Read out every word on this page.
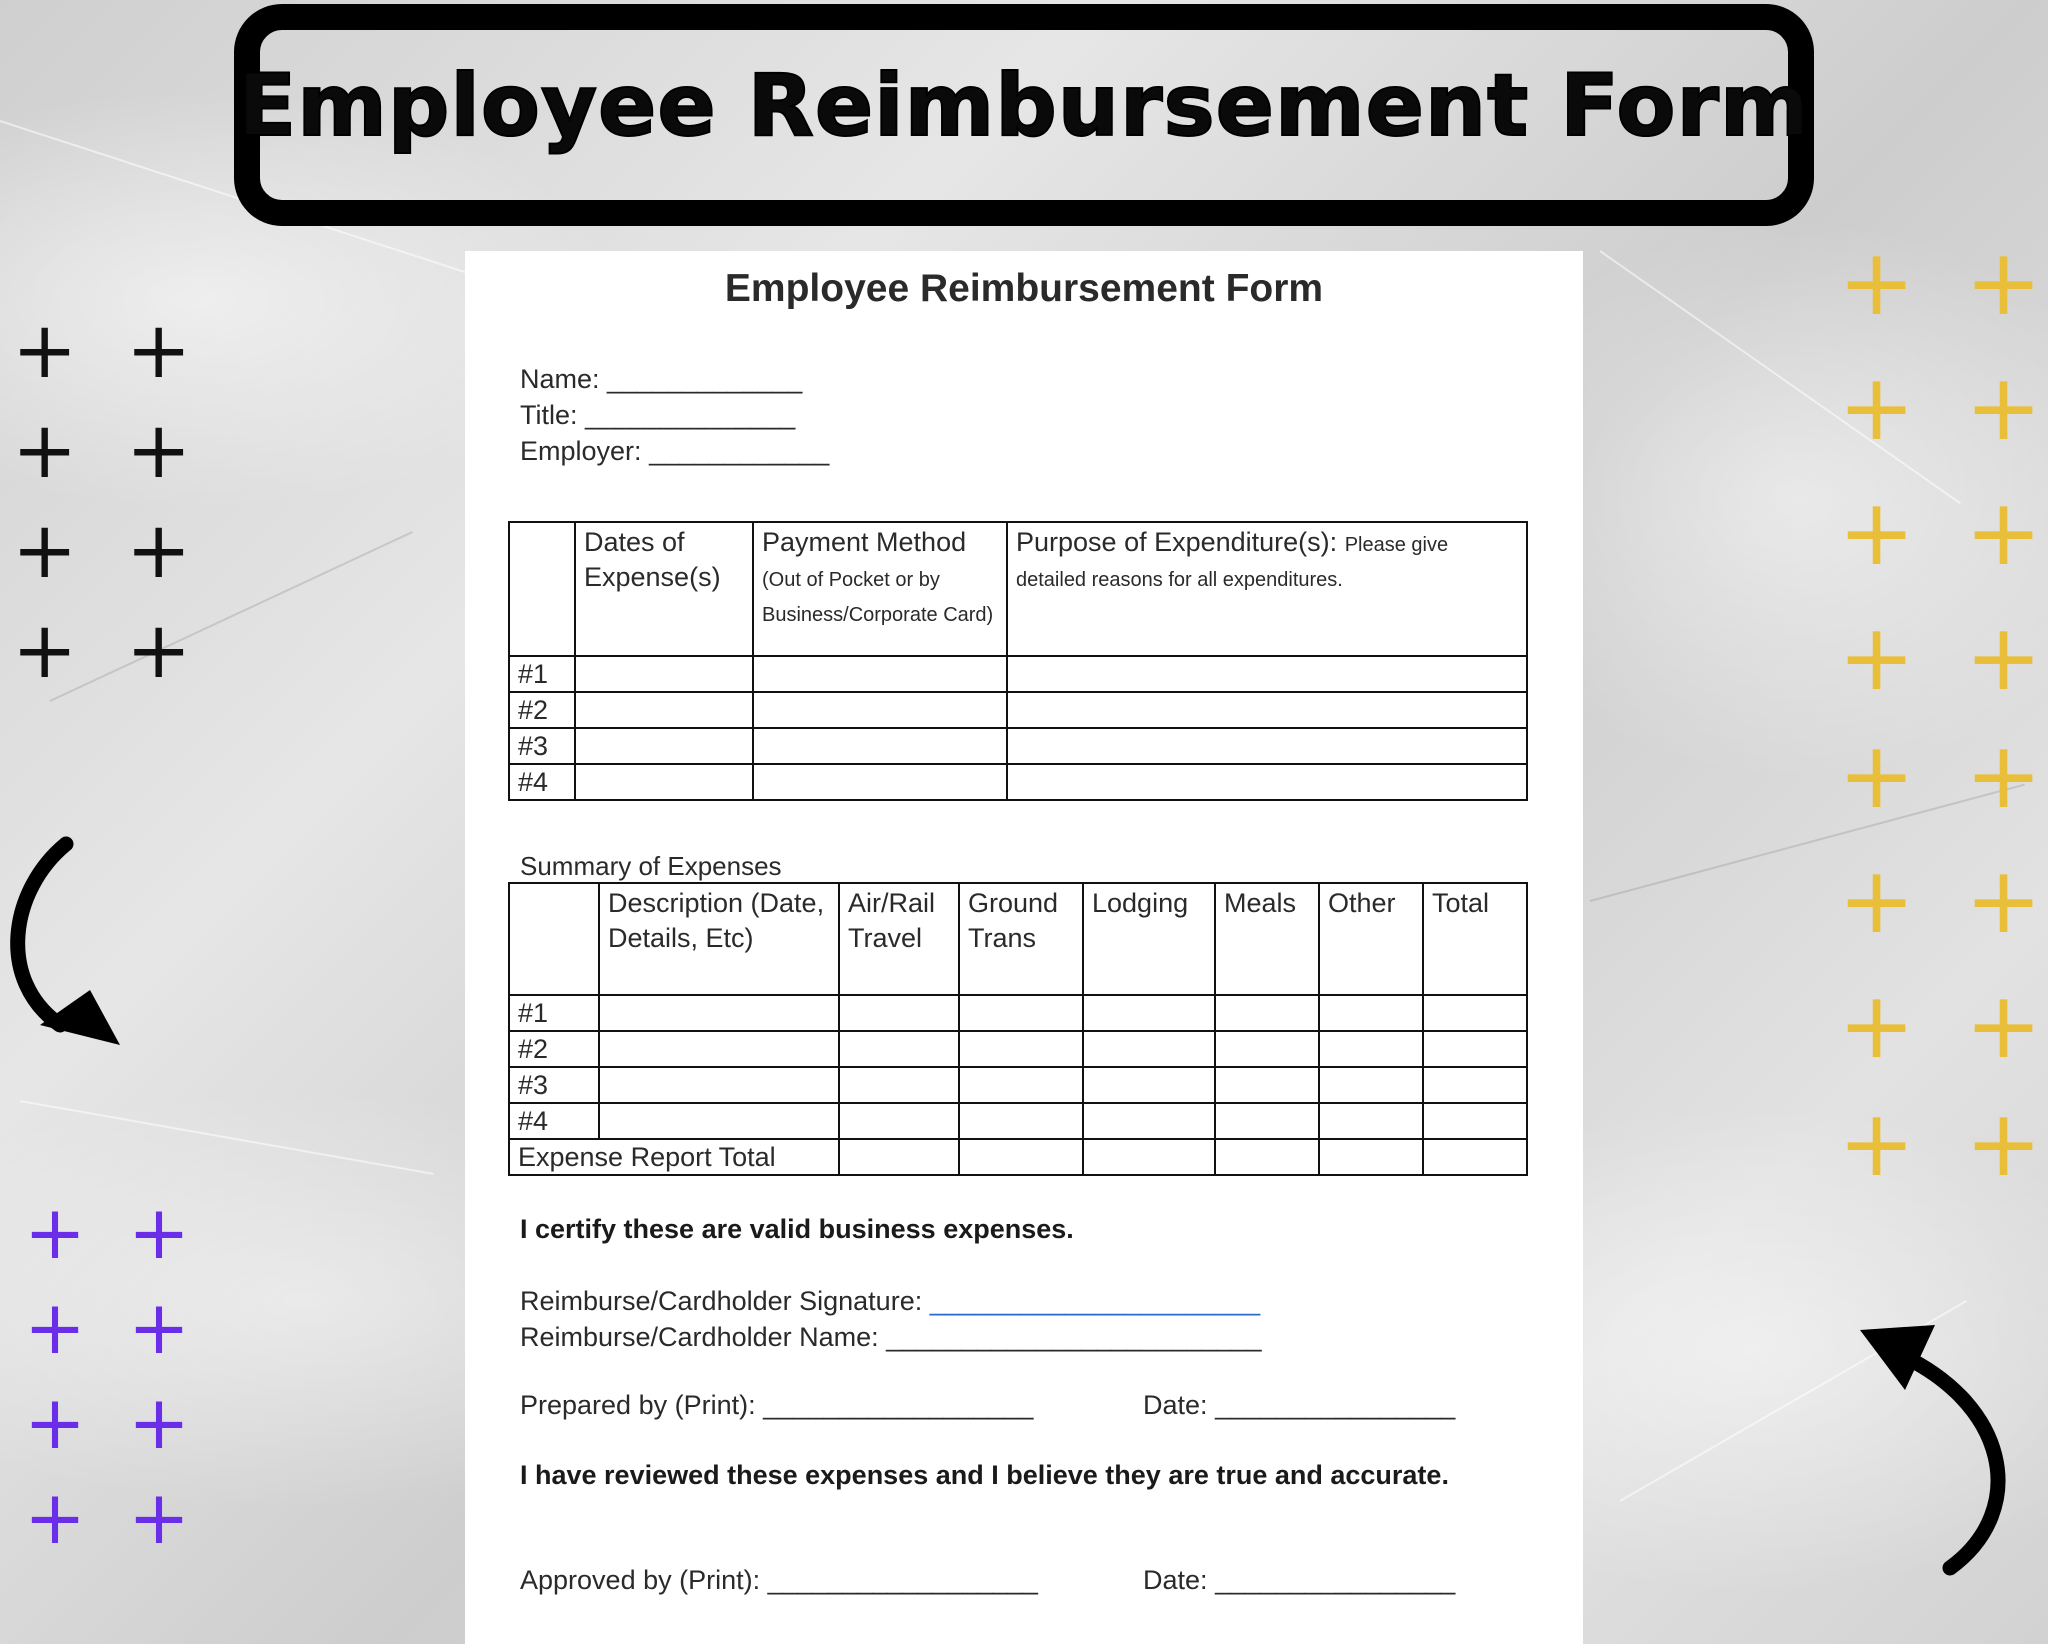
Employee Reimbursement Form
+ +
+ +
+ +
+ +
+ +
+ +
+ +
+ +
+ +
+ +
+ +
+ +
+ +
+ +
+ +
+ +
Employee Reimbursement Form
Name: _____________
Title: ______________
Employer: ____________
	Dates of Expense(s)	Payment Method (Out of Pocket or by Business/Corporate Card)	Purpose of Expenditure(s): Please give detailed reasons for all expenditures.
#1			
#2			
#3			
#4			
Summary of Expenses
	Description (Date, Details, Etc)	Air/Rail Travel	Ground Trans	Lodging	Meals	Other	Total
#1							
#2							
#3							
#4							
Expense Report Total							
I certify these are valid business expenses.
Reimburse/Cardholder Signature: ______________________
Reimburse/Cardholder Name: _________________________
Prepared by (Print): __________________	Date: ________________
I have reviewed these expenses and I believe they are true and accurate.
Approved by (Print): __________________	Date: ________________
